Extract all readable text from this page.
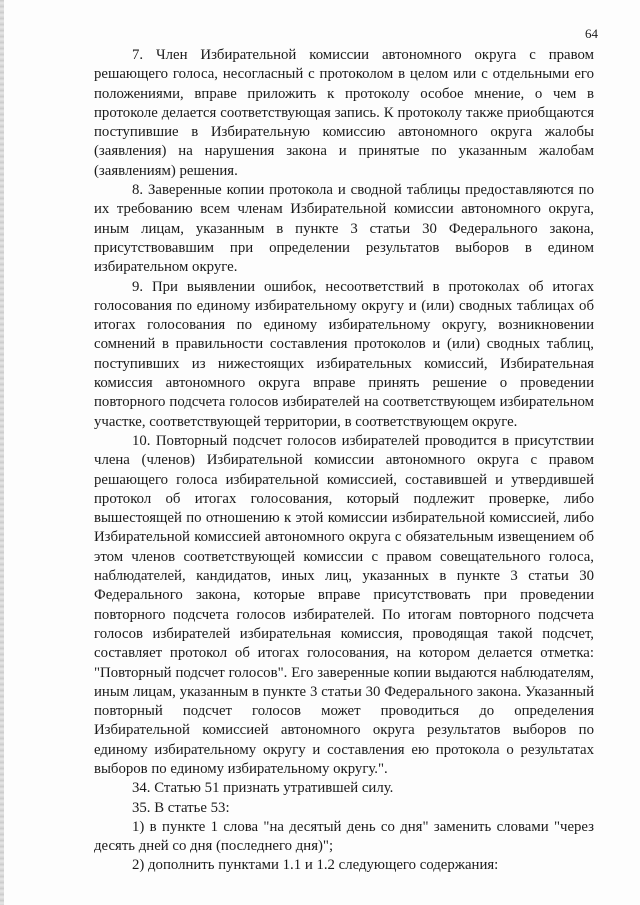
64

7. Член Избирательной комиссии автономного округа с правом решающего голоса, несогласный с протоколом в целом или с отдельными его положениями, вправе приложить к протоколу особое мнение, о чем в протоколе делается соответствующая запись. К протоколу также приобщаются поступившие в Избирательную комиссию автономного округа жалобы (заявления) на нарушения закона и принятые по указанным жалобам (заявлениям) решения.

8. Заверенные копии протокола и сводной таблицы предоставляются по их требованию всем членам Избирательной комиссии автономного округа, иным лицам, указанным в пункте 3 статьи 30 Федерального закона, присутствовавшим при определении результатов выборов в едином избирательном округе.

9. При выявлении ошибок, несоответствий в протоколах об итогах голосования по единому избирательному округу и (или) сводных таблицах об итогах голосования по единому избирательному округу, возникновении сомнений в правильности составления протоколов и (или) сводных таблиц, поступивших из нижестоящих избирательных комиссий, Избирательная комиссия автономного округа вправе принять решение о проведении повторного подсчета голосов избирателей на соответствующем избирательном участке, соответствующей территории, в соответствующем округе.

10. Повторный подсчет голосов избирателей проводится в присутствии члена (членов) Избирательной комиссии автономного округа с правом решающего голоса избирательной комиссией, составившей и утвердившей протокол об итогах голосования, который подлежит проверке, либо вышестоящей по отношению к этой комиссии избирательной комиссией, либо Избирательной комиссией автономного округа с обязательным извещением об этом членов соответствующей комиссии с правом совещательного голоса, наблюдателей, кандидатов, иных лиц, указанных в пункте 3 статьи 30 Федерального закона, которые вправе присутствовать при проведении повторного подсчета голосов избирателей. По итогам повторного подсчета голосов избирателей избирательная комиссия, проводящая такой подсчет, составляет протокол об итогах голосования, на котором делается отметка: "Повторный подсчет голосов". Его заверенные копии выдаются наблюдателям, иным лицам, указанным в пункте 3 статьи 30 Федерального закона. Указанный повторный подсчет голосов может проводиться до определения Избирательной комиссией автономного округа результатов выборов по единому избирательному округу и составления ею протокола о результатах выборов по единому избирательному округу.".

34. Статью 51 признать утратившей силу.

35. В статье 53:

1) в пункте 1 слова "на десятый день со дня" заменить словами "через десять дней со дня (последнего дня)";

2) дополнить пунктами 1.1 и 1.2 следующего содержания:
